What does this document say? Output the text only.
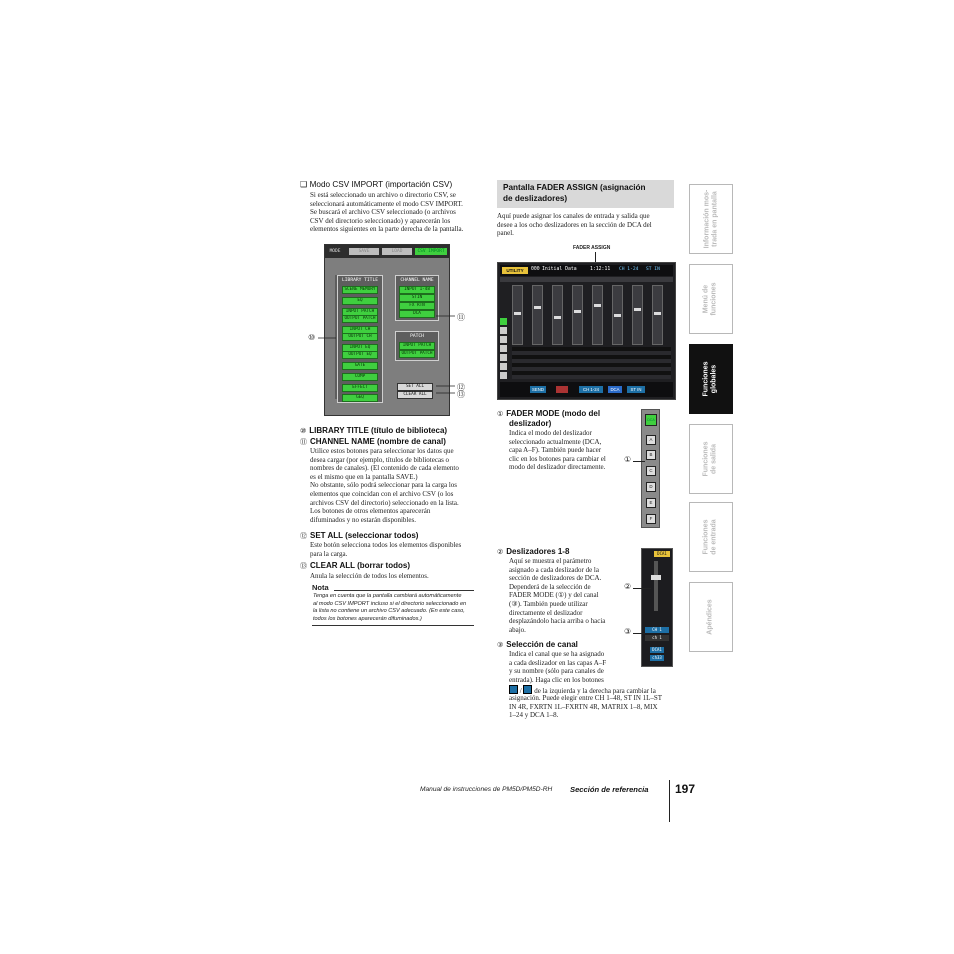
❑ Modo CSV IMPORT (importación CSV)
Si está seleccionado un archivo o directorio CSV, se
seleccionará automáticamente el modo CSV IMPORT.
Se buscará el archivo CSV seleccionado (o archivos
CSV del directorio seleccionado) y aparecerán los
elementos siguientes en la parte derecha de la pantalla.
MODE	SAVE	LOAD	CSV IMPORT
LIBRARY TITLE
SCENE MEMORY
EQ
INPUT PATCH
OUTPUT PATCH
INPUT CH
OUTPUT CH
INPUT EQ
OUTPUT EQ
GATE
COMP
EFFECT
GEQ
CHANNEL NAME
INPUT 1-48
STIN
FX RTN
DCA
PATCH
INPUT PATCH
OUTPUT PATCH
SET ALL
CLEAR ALL
⑩
⑪
⑫
⑬
⑩ LIBRARY TITLE (título de biblioteca)
⑪ CHANNEL NAME (nombre de canal)
Utilice estos botones para seleccionar los datos que
desea cargar (por ejemplo, títulos de bibliotecas o
nombres de canales). (El contenido de cada elemento
es el mismo que en la pantalla SAVE.)
No obstante, sólo podrá seleccionar para la carga los
elementos que coincidan con el archivo CSV (o los
archivos CSV del directorio) seleccionado en la lista.
Los botones de otros elementos aparecerán
difuminados y no estarán disponibles.
⑫ SET ALL (seleccionar todos)
Este botón selecciona todos los elementos disponibles
para la carga.
⑬ CLEAR ALL (borrar todos)
Anula la selección de todos los elementos.
Nota
Tenga en cuenta que la pantalla cambiará automáticamente
al modo CSV IMPORT incluso si el directorio seleccionado en
la lista no contiene un archivo CSV adecuado. (En este caso,
todos los botones aparecerán difuminados.)
Pantalla FADER ASSIGN (asignación
de deslizadores)
Aquí puede asignar los canales de entrada y salida que
desee a los ocho deslizadores en la sección de DCA del
panel.
FADER ASSIGN
UTILITY	000 Initial Data	1:12:11 CH 1-24 ST IN
SEND	CH 1-24	DCA	ST IN
① FADER MODE (modo del
deslizador)
Indica el modo del deslizador
seleccionado actualmente (DCA,
capa A–F). También puede hacer
clic en los botones para cambiar el
modo del deslizador directamente.
DCA
A
B
C
D
E
F
①
② Deslizadores 1-8
Aquí se muestra el parámetro
asignado a cada deslizador de la
sección de deslizadores de DCA.
Dependerá de la selección de
FADER MODE (①) y del canal
(③). También puede utilizar
directamente el deslizador
desplazándolo hacia arriba o hacia
abajo.
DCA1
CH 1
ch 1
DCA1
ch33
②
③
③ Selección de canal
Indica el canal que se ha asignado
a cada deslizador en las capas A–F
y su nombre (sólo para canales de
entrada). Haga clic en los botones
/  de la izquierda y la derecha para cambiar la
asignación. Puede elegir entre CH 1–48, ST IN 1L–ST
IN 4R, FXRTN 1L–FXRTN 4R, MATRIX 1–8, MIX
1–24 y DCA 1–8.
Información mos-
trada en pantalla
Menú de
funciones
Funciones
globales
Funciones
de salida
Funciones
de entrada
Apéndices
Manual de instrucciones de PM5D/PM5D-RH Sección de referencia 197
